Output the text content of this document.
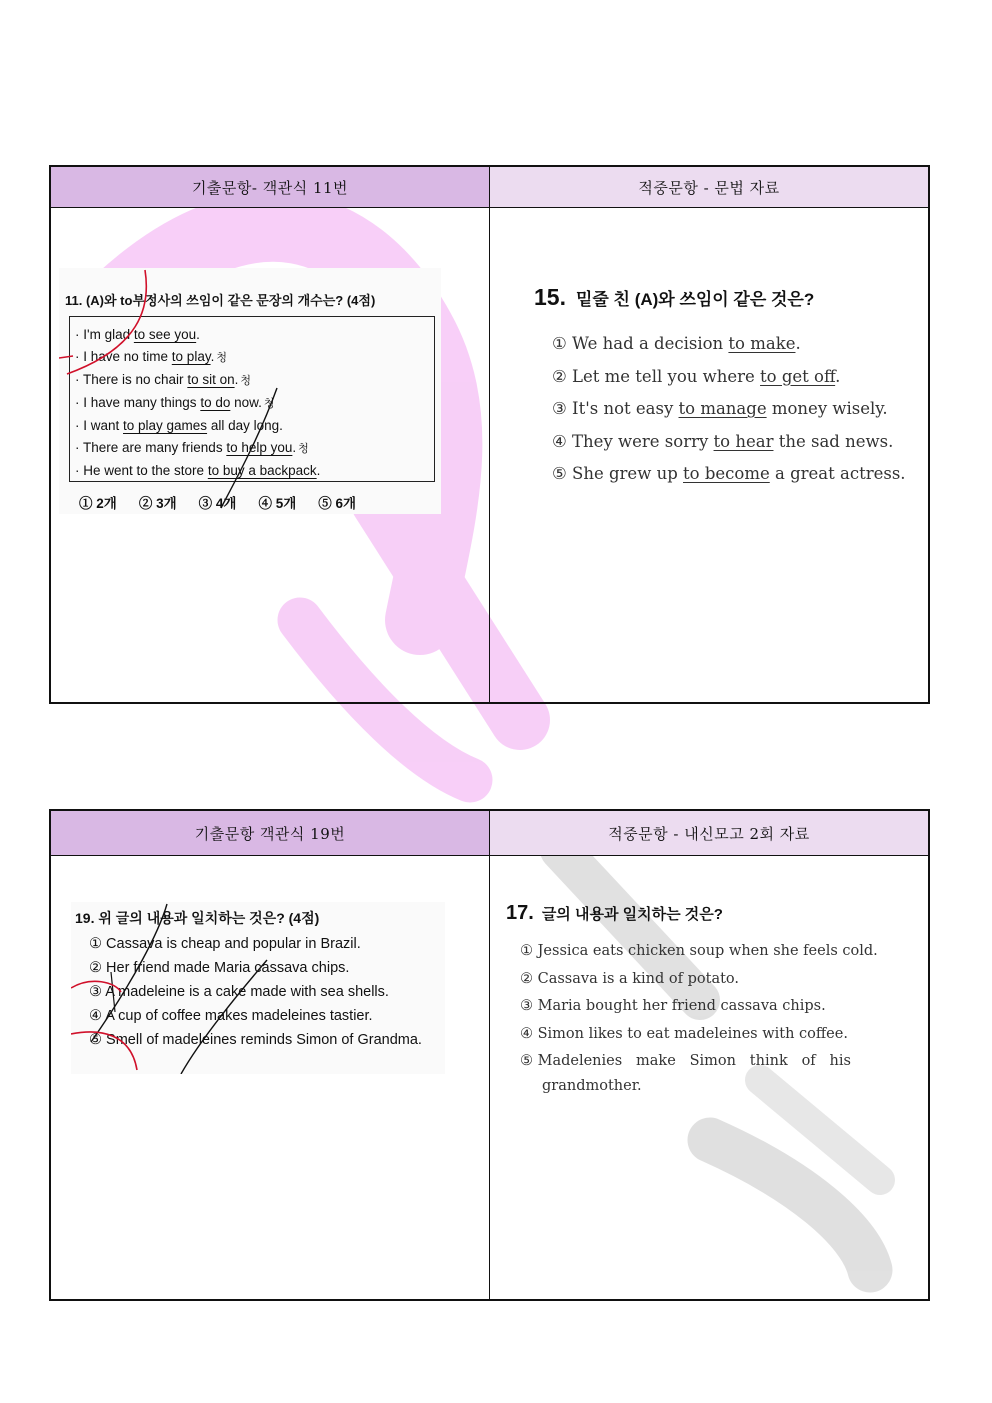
기출문항- 객관식 11번	적중문항 - 문법 자료
11. (A)와 to부정사의 쓰임이 같은 문장의 개수는? (4점)
· I'm glad to see you.
· I have no time to play. 청
· There is no chair to sit on. 청
· I have many things to do now. 청
· I want to play games all day long.
· There are many friends to help you. 청
· He went to the store to buy a backpack.
① 2개 ② 3개 ③ 4개 ④ 5개 ⑤ 6개
15. 밑줄 친 (A)와 쓰임이 같은 것은?
① We had a decision to make.
② Let me tell you where to get off.
③ It's not easy to manage money wisely.
④ They were sorry to hear the sad news.
⑤ She grew up to become a great actress.
기출문항 객관식 19번	적중문항 - 내신모고 2회 자료
19. 위 글의 내용과 일치하는 것은? (4점)
① Cassava is cheap and popular in Brazil.
② Her friend made Maria cassava chips.
③ A madeleine is a cake made with sea shells.
④ A cup of coffee makes madeleines tastier.
⑤ Smell of madeleines reminds Simon of Grandma.
17. 글의 내용과 일치하는 것은?
① Jessica eats chicken soup when she feels cold.
② Cassava is a kind of potato.
③ Maria bought her friend cassava chips.
④ Simon likes to eat madeleines with coffee.
⑤ Madelenies   make   Simon   think   of   his
grandmother.
